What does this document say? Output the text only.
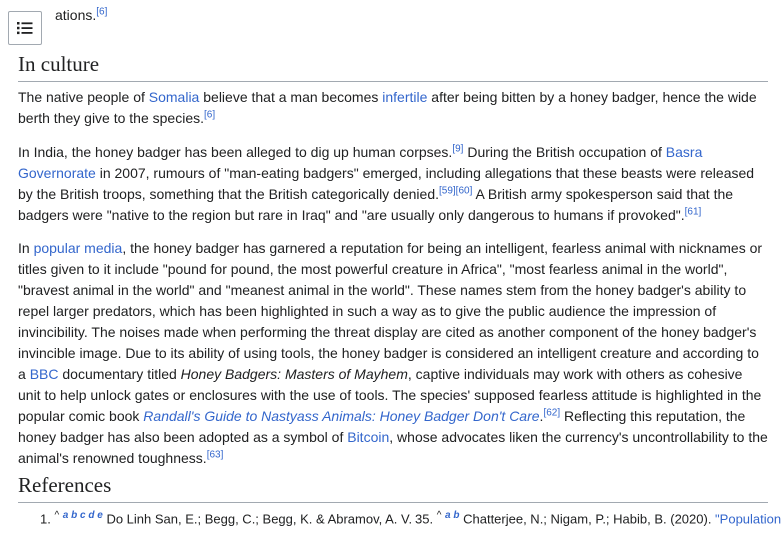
ations.[6]
In culture

The native people of Somalia believe that a man becomes infertile after being bitten by a honey badger, hence the wide berth they give to the species.[6]

In India, the honey badger has been alleged to dig up human corpses.[9] During the British occupation of Basra Governorate in 2007, rumours of "man-eating badgers" emerged, including allegations that these beasts were released by the British troops, something that the British categorically denied.[59][60] A British army spokesperson said that the badgers were "native to the region but rare in Iraq" and "are usually only dangerous to humans if provoked".[61]

In popular media, the honey badger has garnered a reputation for being an intelligent, fearless animal with nicknames or titles given to it include "pound for pound, the most powerful creature in Africa", "most fearless animal in the world", "bravest animal in the world" and "meanest animal in the world". These names stem from the honey badger's ability to repel larger predators, which has been highlighted in such a way as to give the public audience the impression of invincibility. The noises made when performing the threat display are cited as another component of the honey badger's invincible image. Due to its ability of using tools, the honey badger is considered an intelligent creature and according to a BBC documentary titled Honey Badgers: Masters of Mayhem, captive individuals may work with others as cohesive unit to help unlock gates or enclosures with the use of tools. The species' supposed fearless attitude is highlighted in the popular comic book Randall's Guide to Nastyass Animals: Honey Badger Don't Care.[62] Reflecting this reputation, the honey badger has also been adopted as a symbol of Bitcoin, whose advocates liken the currency's uncontrollability to the animal's renowned toughness.[63]

References
1. ^ $^{a b c d e}$ Do Linh San, E.; Begg, C.; Begg, K. & Abramov, A. V. 35. ^ $^{a b}$ Chatterjee, N.; Nigam, P.; Habib, B. (2020). "Population
